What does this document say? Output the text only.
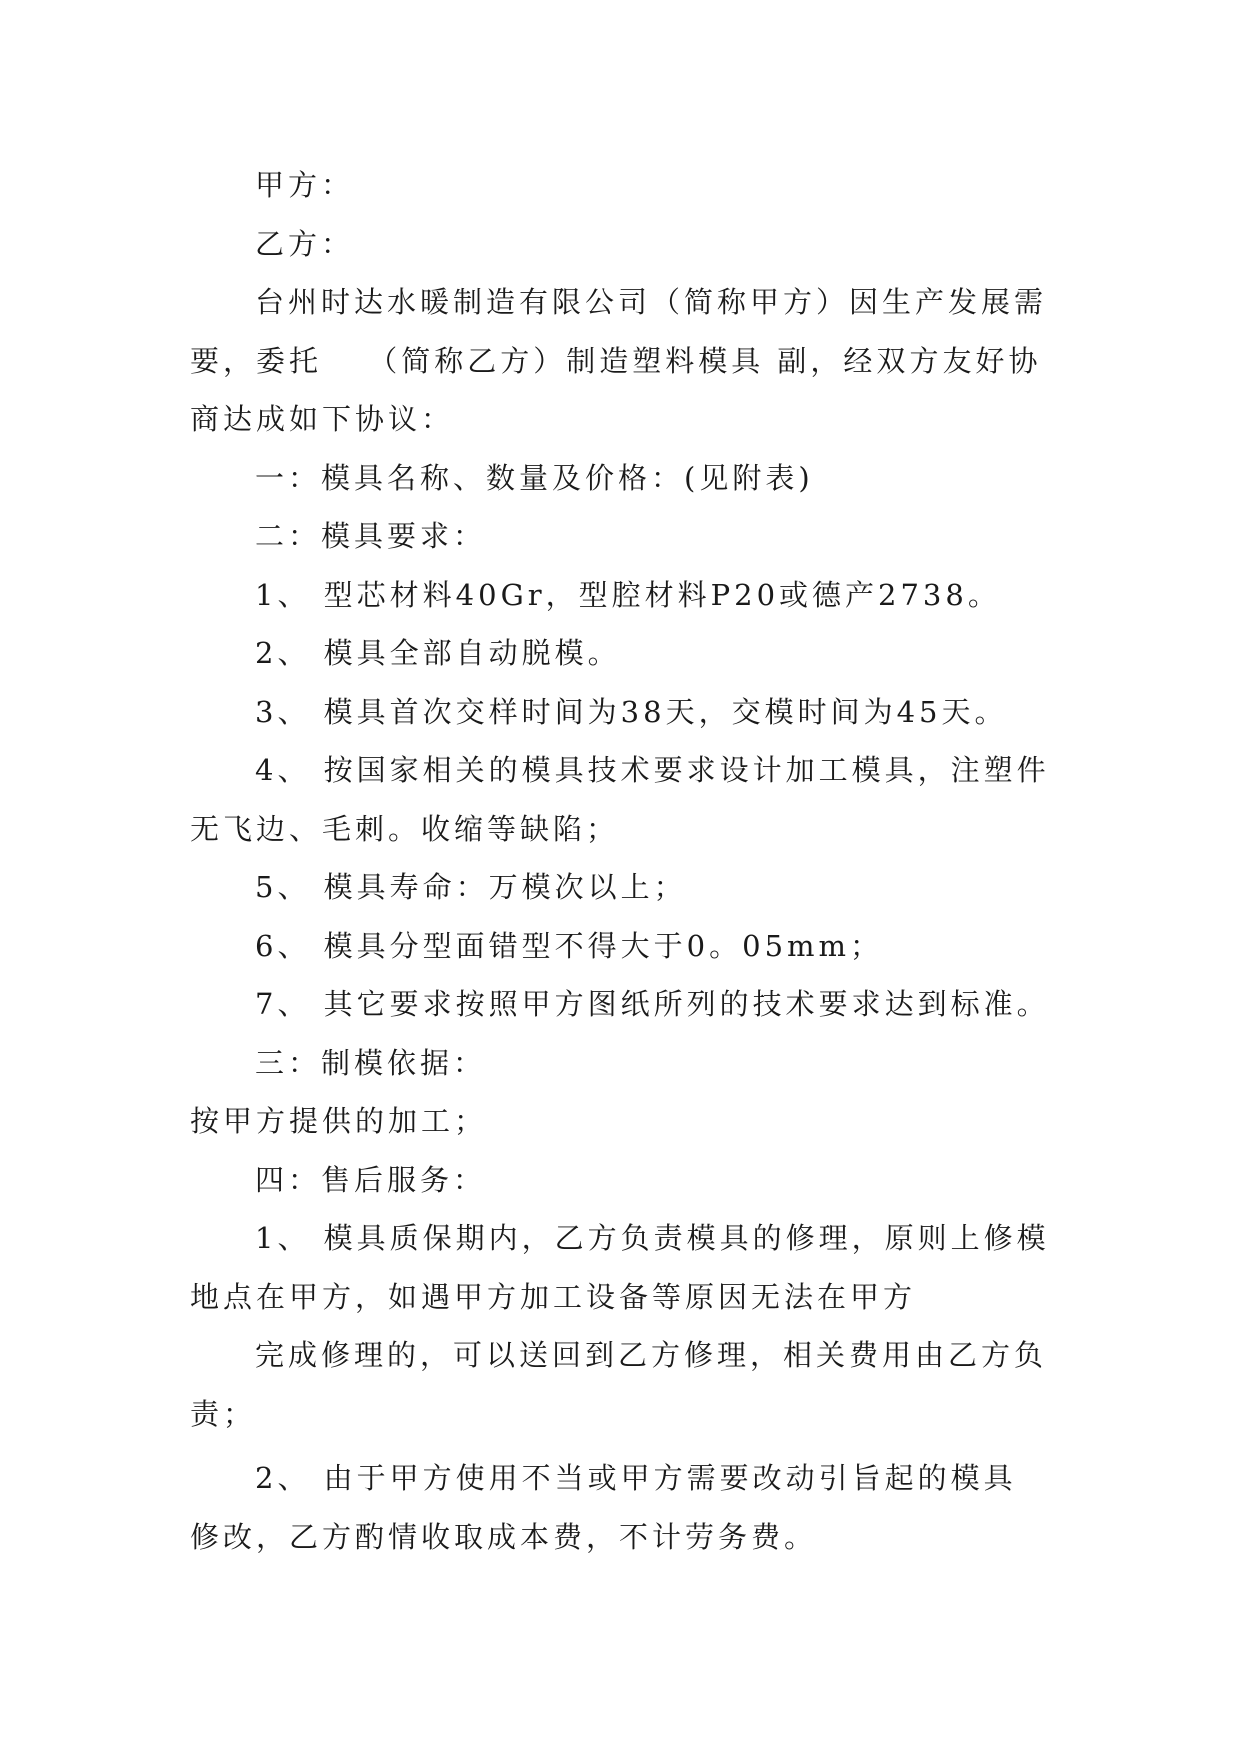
甲方：
乙方：
台州时达水暖制造有限公司（简称甲方）因生产发展需
要，委托　 （简称乙方）制造塑料模具 副，经双方友好协
商达成如下协议：
一：模具名称、数量及价格：(见附表)
二：模具要求：
1、 型芯材料40Gr，型腔材料P20或德产2738。
2、 模具全部自动脱模。
3、 模具首次交样时间为38天，交模时间为45天。
4、 按国家相关的模具技术要求设计加工模具，注塑件
无飞边、毛刺。收缩等缺陷；
5、 模具寿命：万模次以上；
6、 模具分型面错型不得大于0。05mm；
7、 其它要求按照甲方图纸所列的技术要求达到标准。
三：制模依据：
按甲方提供的加工；
四：售后服务：
1、 模具质保期内，乙方负责模具的修理，原则上修模
地点在甲方，如遇甲方加工设备等原因无法在甲方
完成修理的，可以送回到乙方修理，相关费用由乙方负
责；
2、 由于甲方使用不当或甲方需要改动引旨起的模具
修改，乙方酌情收取成本费，不计劳务费。
